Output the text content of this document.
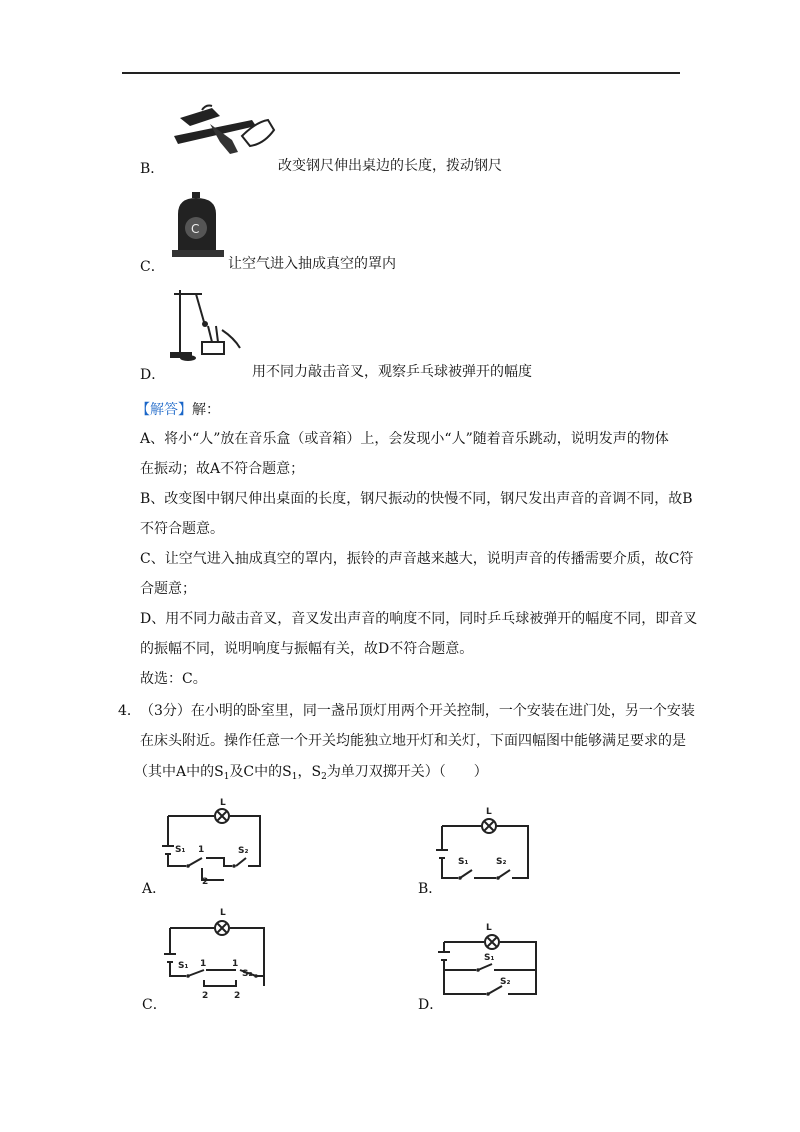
B．	改变钢尺伸出桌边的长度，拨动钢尺
C
C．	让空气进入抽成真空的罩内
D．	用不同力敲击音叉，观察乒乓球被弹开的幅度
【解答】解：
A、将小“人”放在音乐盒（或音箱）上，会发现小“人”随着音乐跳动，说明发声的物体
在振动；故A不符合题意；
B、改变图中钢尺伸出桌面的长度，钢尺振动的快慢不同，钢尺发出声音的音调不同，故B
不符合题意。
C、让空气进入抽成真空的罩内，振铃的声音越来越大，说明声音的传播需要介质，故C符
合题意；
D、用不同力敲击音叉，音叉发出声音的响度不同，同时乒乓球被弹开的幅度不同，即音叉
的振幅不同，说明响度与振幅有关，故D不符合题意。
故选：C。
4． （3分）在小明的卧室里，同一盏吊顶灯用两个开关控制，一个安装在进门处，另一个安装
在床头附近。操作任意一个开关均能独立地开灯和关灯，下面四幅图中能够满足要求的是
（其中A中的$S_1$及C中的$S_1$，$S_2$为单刀双掷开关）（　　）
L
S₁ 1	S₂
2
A．
L
S₁	S₂
B．
L
S₁ 1	1
S₂
2	2
C．
L
S₁
S₂
D．
